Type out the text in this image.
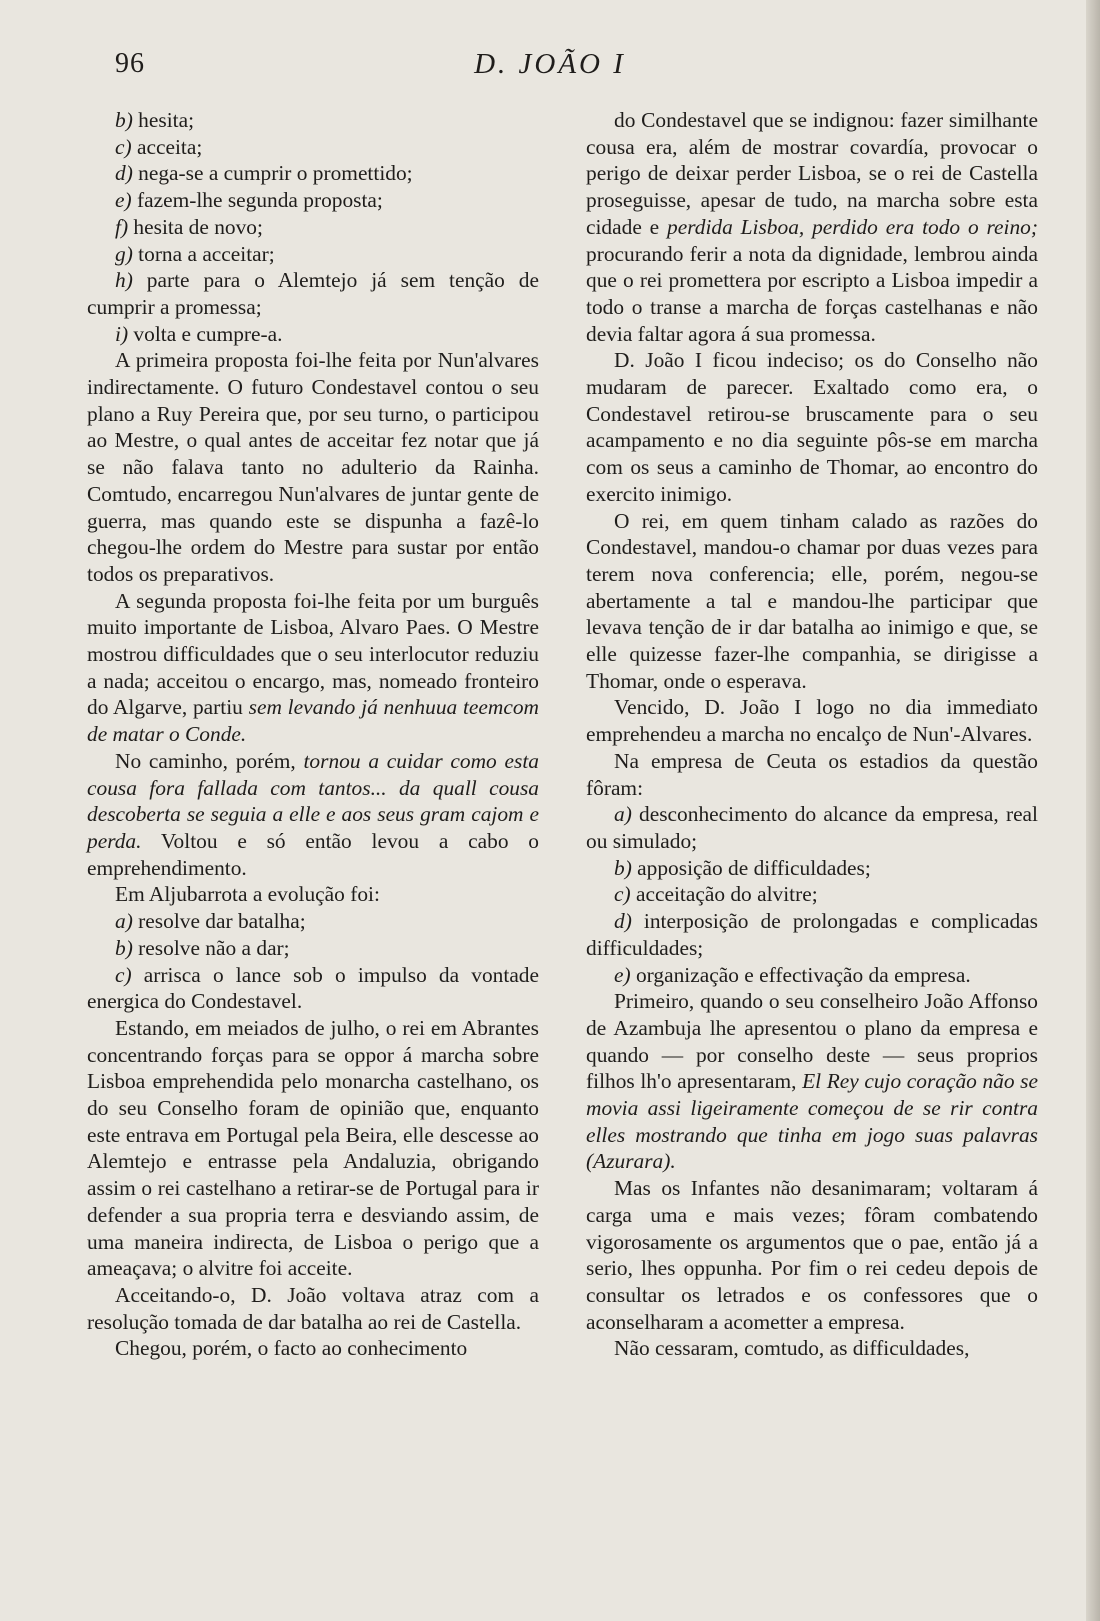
96	D. JOÃO I

b) hesita;

c) acceita;

d) nega-se a cumprir o promettido;

e) fazem-lhe segunda proposta;

f) hesita de novo;

g) torna a acceitar;

h) parte para o Alemtejo já sem tenção de cumprir a promessa;

i) volta e cumpre-a.

A primeira proposta foi-lhe feita por Nun'alvares indirectamente. O futuro Condestavel contou o seu plano a Ruy Pereira que, por seu turno, o participou ao Mestre, o qual antes de acceitar fez notar que já se não falava tanto no adulterio da Rainha. Comtudo, encarregou Nun'alvares de juntar gente de guerra, mas quando este se dispunha a fazê-lo chegou-lhe ordem do Mestre para sustar por então todos os preparativos.

A segunda proposta foi-lhe feita por um burguês muito importante de Lisboa, Alvaro Paes. O Mestre mostrou difficuldades que o seu interlocutor reduziu a nada; acceitou o encargo, mas, nomeado fronteiro do Algarve, partiu sem levando já nenhuua teemcom de matar o Conde.

No caminho, porém, tornou a cuidar como esta cousa fora fallada com tantos... da quall cousa descoberta se seguia a elle e aos seus gram cajom e perda. Voltou e só então levou a cabo o emprehendimento.

Em Aljubarrota a evolução foi:

a) resolve dar batalha;

b) resolve não a dar;

c) arrisca o lance sob o impulso da vontade energica do Condestavel.

Estando, em meiados de julho, o rei em Abrantes concentrando forças para se oppor á marcha sobre Lisboa emprehendida pelo monarcha castelhano, os do seu Conselho foram de opinião que, enquanto este entrava em Portugal pela Beira, elle descesse ao Alemtejo e entrasse pela Andaluzia, obrigando assim o rei castelhano a retirar-se de Portugal para ir defender a sua propria terra e desviando assim, de uma maneira indirecta, de Lisboa o perigo que a ameaçava; o alvitre foi acceite.

Acceitando-o, D. João voltava atraz com a resolução tomada de dar batalha ao rei de Castella.

Chegou, porém, o facto ao conhecimento

do Condestavel que se indignou: fazer similhante cousa era, além de mostrar covardía, provocar o perigo de deixar perder Lisboa, se o rei de Castella proseguisse, apesar de tudo, na marcha sobre esta cidade e perdida Lisboa, perdido era todo o reino; procurando ferir a nota da dignidade, lembrou ainda que o rei promettera por escripto a Lisboa impedir a todo o transe a marcha de forças castelhanas e não devia faltar agora á sua promessa.

D. João I ficou indeciso; os do Conselho não mudaram de parecer. Exaltado como era, o Condestavel retirou-se bruscamente para o seu acampamento e no dia seguinte pôs-se em marcha com os seus a caminho de Thomar, ao encontro do exercito inimigo.

O rei, em quem tinham calado as razões do Condestavel, mandou-o chamar por duas vezes para terem nova conferencia; elle, porém, negou-se abertamente a tal e mandou-lhe participar que levava tenção de ir dar batalha ao inimigo e que, se elle quizesse fazer-lhe companhia, se dirigisse a Thomar, onde o esperava.

Vencido, D. João I logo no dia immediato emprehendeu a marcha no encalço de Nun'-Alvares.

Na empresa de Ceuta os estadios da questão fôram:

a) desconhecimento do alcance da empresa, real ou simulado;

b) apposição de difficuldades;

c) acceitação do alvitre;

d) interposição de prolongadas e complicadas difficuldades;

e) organização e effectivação da empresa.

Primeiro, quando o seu conselheiro João Affonso de Azambuja lhe apresentou o plano da empresa e quando — por conselho deste — seus proprios filhos lh'o apresentaram, El Rey cujo coração não se movia assi ligeiramente começou de se rir contra elles mostrando que tinha em jogo suas palavras (Azurara).

Mas os Infantes não desanimaram; voltaram á carga uma e mais vezes; fôram combatendo vigorosamente os argumentos que o pae, então já a serio, lhes oppunha. Por fim o rei cedeu depois de consultar os letrados e os confessores que o aconselharam a acometter a empresa.

Não cessaram, comtudo, as difficuldades,
